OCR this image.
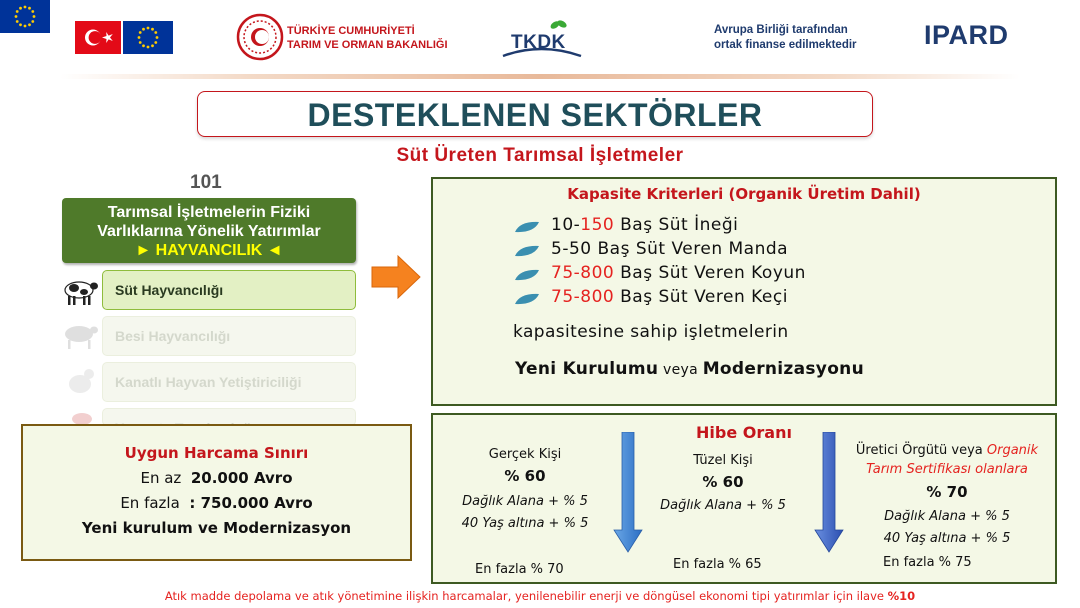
TÜRKİYE CUMHURİYETİ
TARIM VE ORMAN BAKANLIĞI	TKDK
Avrupa Birliği tarafından
ortak finanse edilmektedir IPARD
DESTEKLENEN SEKTÖRLER
Süt Üreten Tarımsal İşletmeler
101
Tarımsal İşletmelerin Fiziki
Varlıklarına Yönelik Yatırımlar
► HAYVANCILIK ◄
Süt Hayvancılığı
Besi Hayvancılığı
Kanatlı Hayvan Yetiştiriciliği
Uygun Harcama Sınırı
En az 20.000 Avro
En fazla : 750.000 Avro
Yeni kurulum ve Modernizasyon
Kapasite Kriterleri (Organik Üretim Dahil)
10-150 Baş Süt İneği
5-50 Baş Süt Veren Manda
75-800 Baş Süt Veren Koyun
75-800 Baş Süt Veren Keçi
kapasitesine sahip işletmelerin
Yeni Kurulumu veya Modernizasyonu
Hibe Oranı
Gerçek Kişi
% 60
Dağlık Alana + % 5
40 Yaş altına + % 5
En fazla % 70
Tüzel Kişi
% 60
Dağlık Alana + % 5
En fazla % 65
Üretici Örgütü veya Organik
Tarım Sertifikası olanlara
% 70
Dağlık Alana + % 5
40 Yaş altına + % 5
En fazla % 75
Atık madde depolama ve atık yönetimine ilişkin harcamalar, yenilenebilir enerji ve döngüsel ekonomi tipi yatırımlar için ilave %10
